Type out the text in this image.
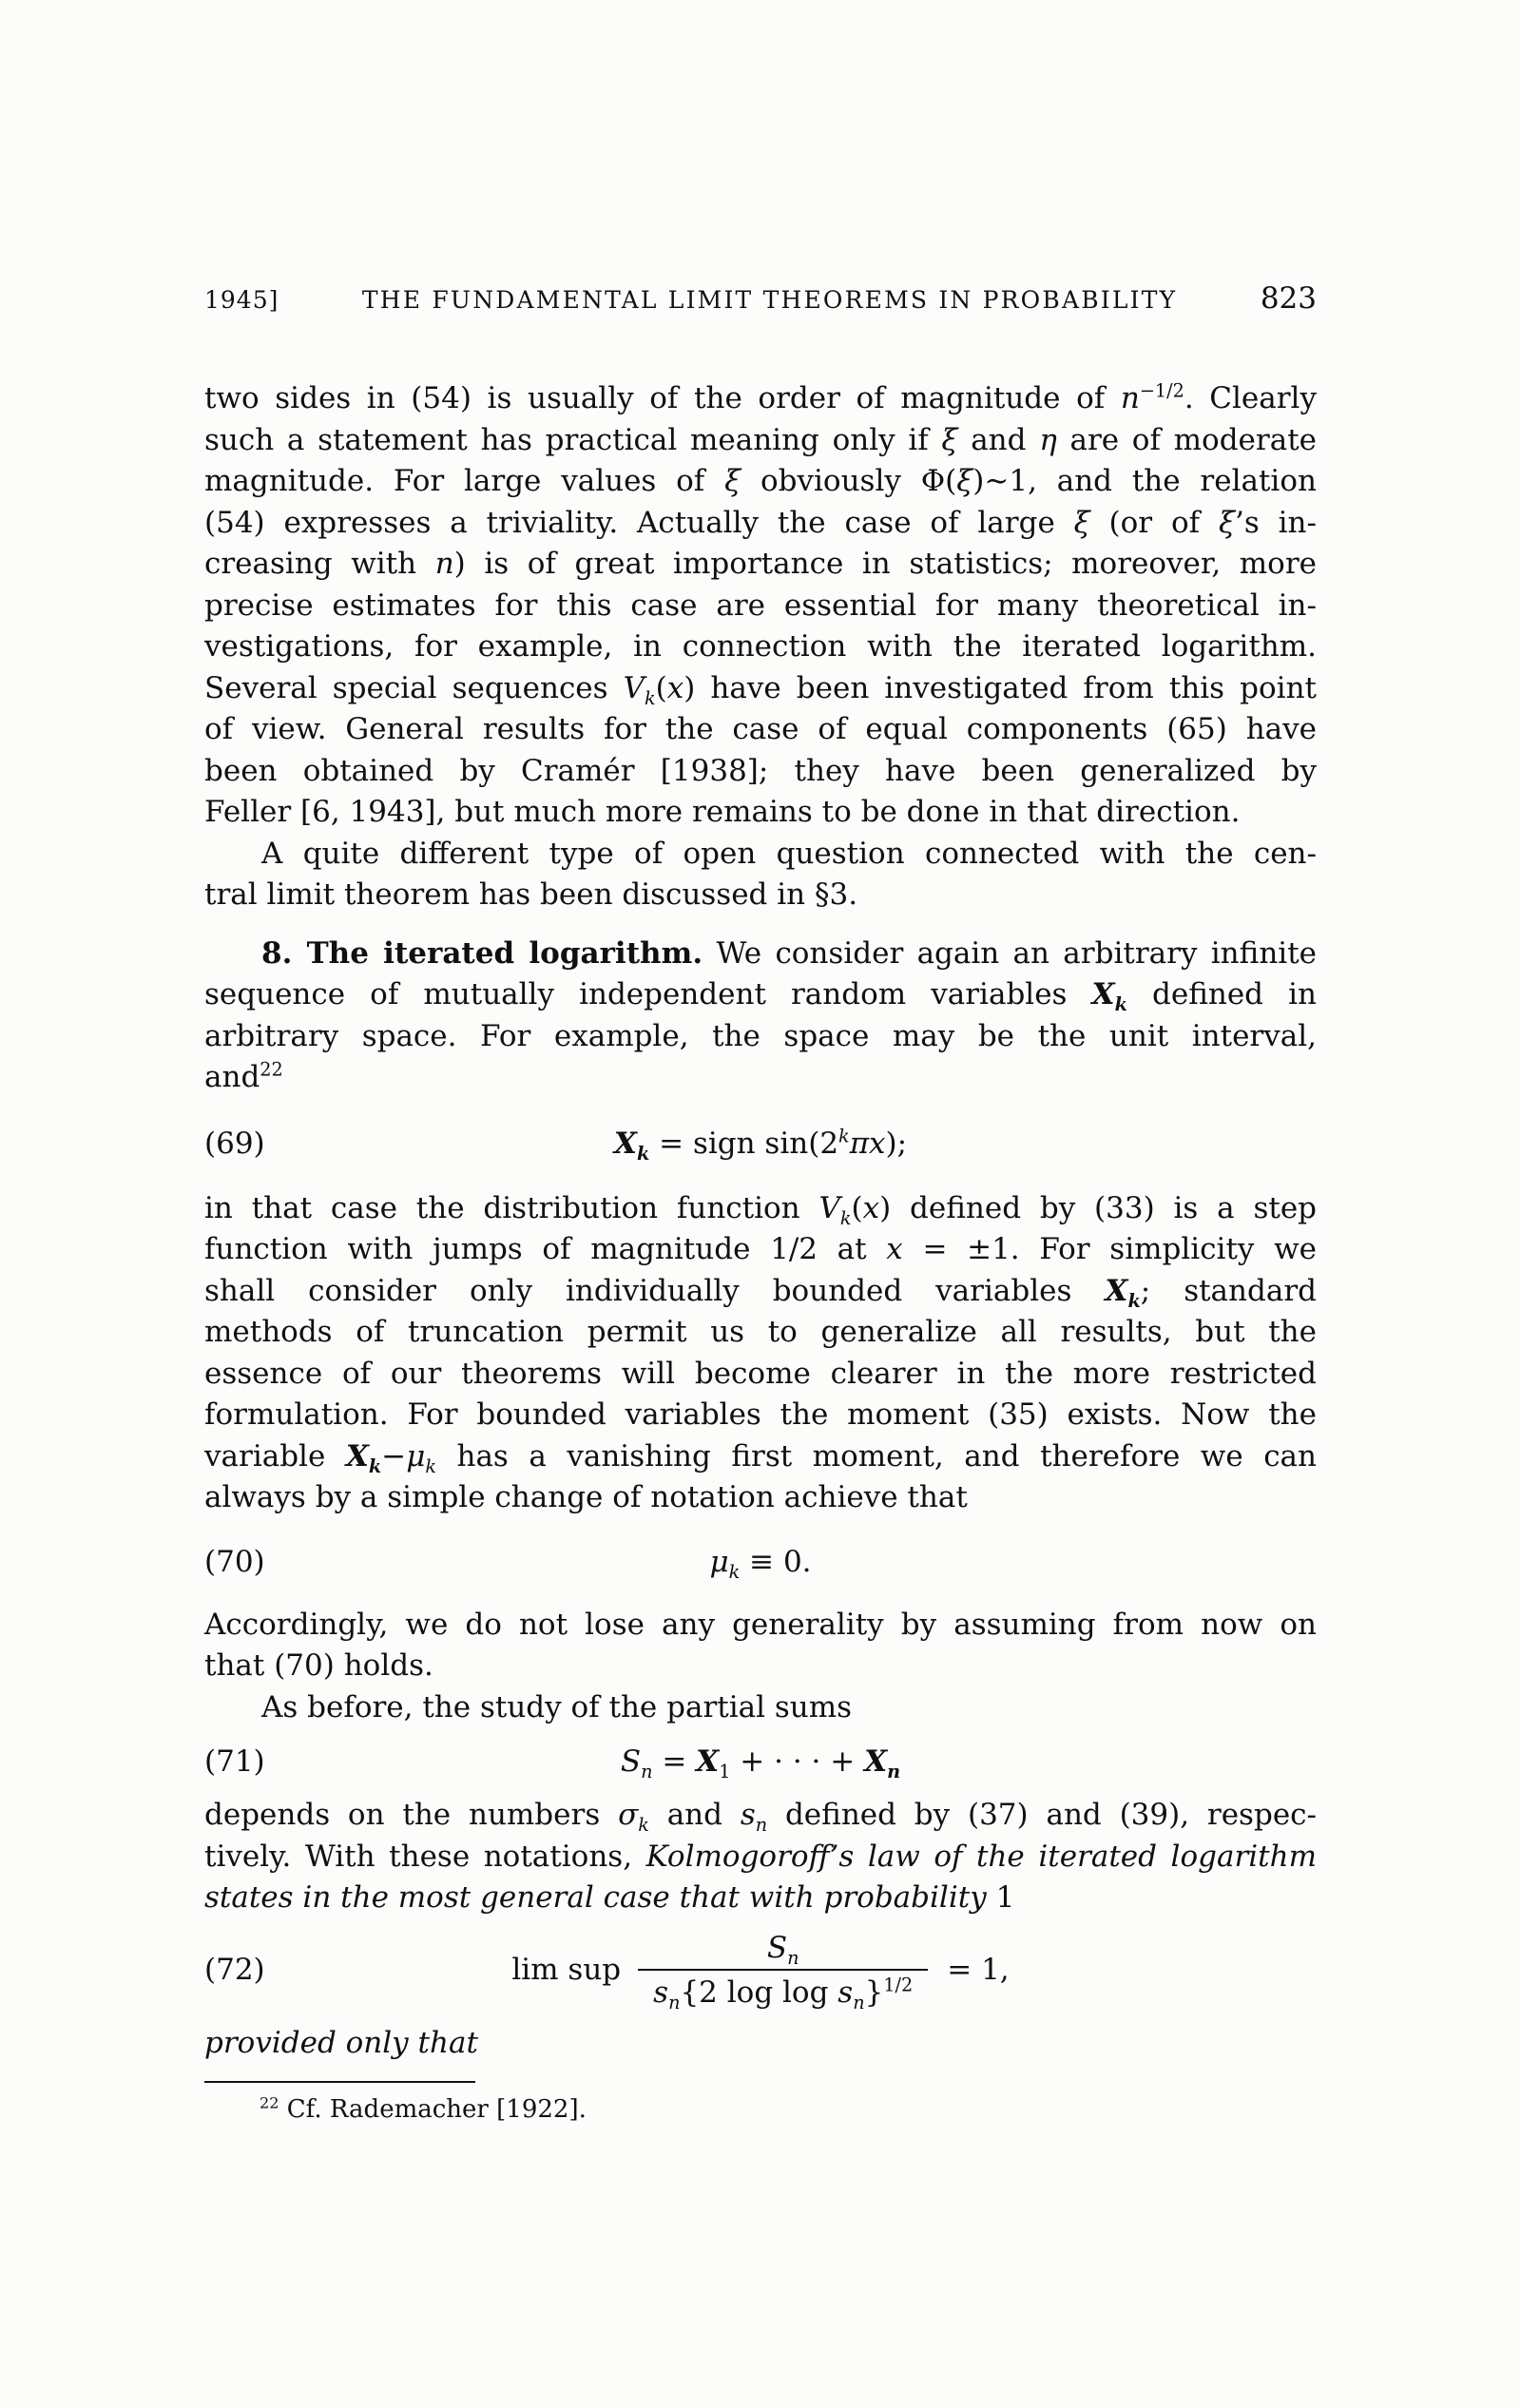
1945]	THE FUNDAMENTAL LIMIT THEOREMS IN PROBABILITY	823
two sides in (54) is usually of the order of magnitude of $n^{-1/2}$. Clearly
such a statement has practical meaning only if ξ and η are of moderate
magnitude. For large values of ξ obviously Φ(ξ)∼1, and the relation
(54) expresses a triviality. Actually the case of large ξ (or of ξ’s in-
creasing with n) is of great importance in statistics; moreover, more
precise estimates for this case are essential for many theoretical in-
vestigations, for example, in connection with the iterated logarithm.
Several special sequences $V_k(x)$ have been investigated from this point
of view. General results for the case of equal components (65) have
been obtained by Cramér [1938]; they have been generalized by
Feller [6, 1943], but much more remains to be done in that direction.
A quite different type of open question connected with the cen-
tral limit theorem has been discussed in §3.
8. The iterated logarithm. We consider again an arbitrary infinite
sequence of mutually independent random variables $X_k$ defined in
arbitrary space. For example, the space may be the unit interval,
and$^{22}$
(69)	$X_k$ = sign sin(2$^k$πx);
in that case the distribution function $V_k(x)$ defined by (33) is a step
function with jumps of magnitude 1/2 at x = ±1. For simplicity we
shall consider only individually bounded variables $X_k$; standard
methods of truncation permit us to generalize all results, but the
essence of our theorems will become clearer in the more restricted
formulation. For bounded variables the moment (35) exists. Now the
variable $X_k-\mu_k$ has a vanishing first moment, and therefore we can
always by a simple change of notation achieve that
(70)	$\mu_k \equiv 0$.
Accordingly, we do not lose any generality by assuming from now on
that (70) holds.
As before, the study of the partial sums
(71)	$S_n = X_1$ + · · · + $X_n$
depends on the numbers $\sigma_k$ and $s_n$ defined by (37) and (39), respec-
tively. With these notations, Kolmogoroff’s law of the iterated logarithm
states in the most general case that with probability 1
(72)	lim sup $\frac{S_n}{s_n\{2 \log \log s_n\}^{1/2}} = 1$,
provided only that
$^{22}$ Cf. Rademacher [1922].
